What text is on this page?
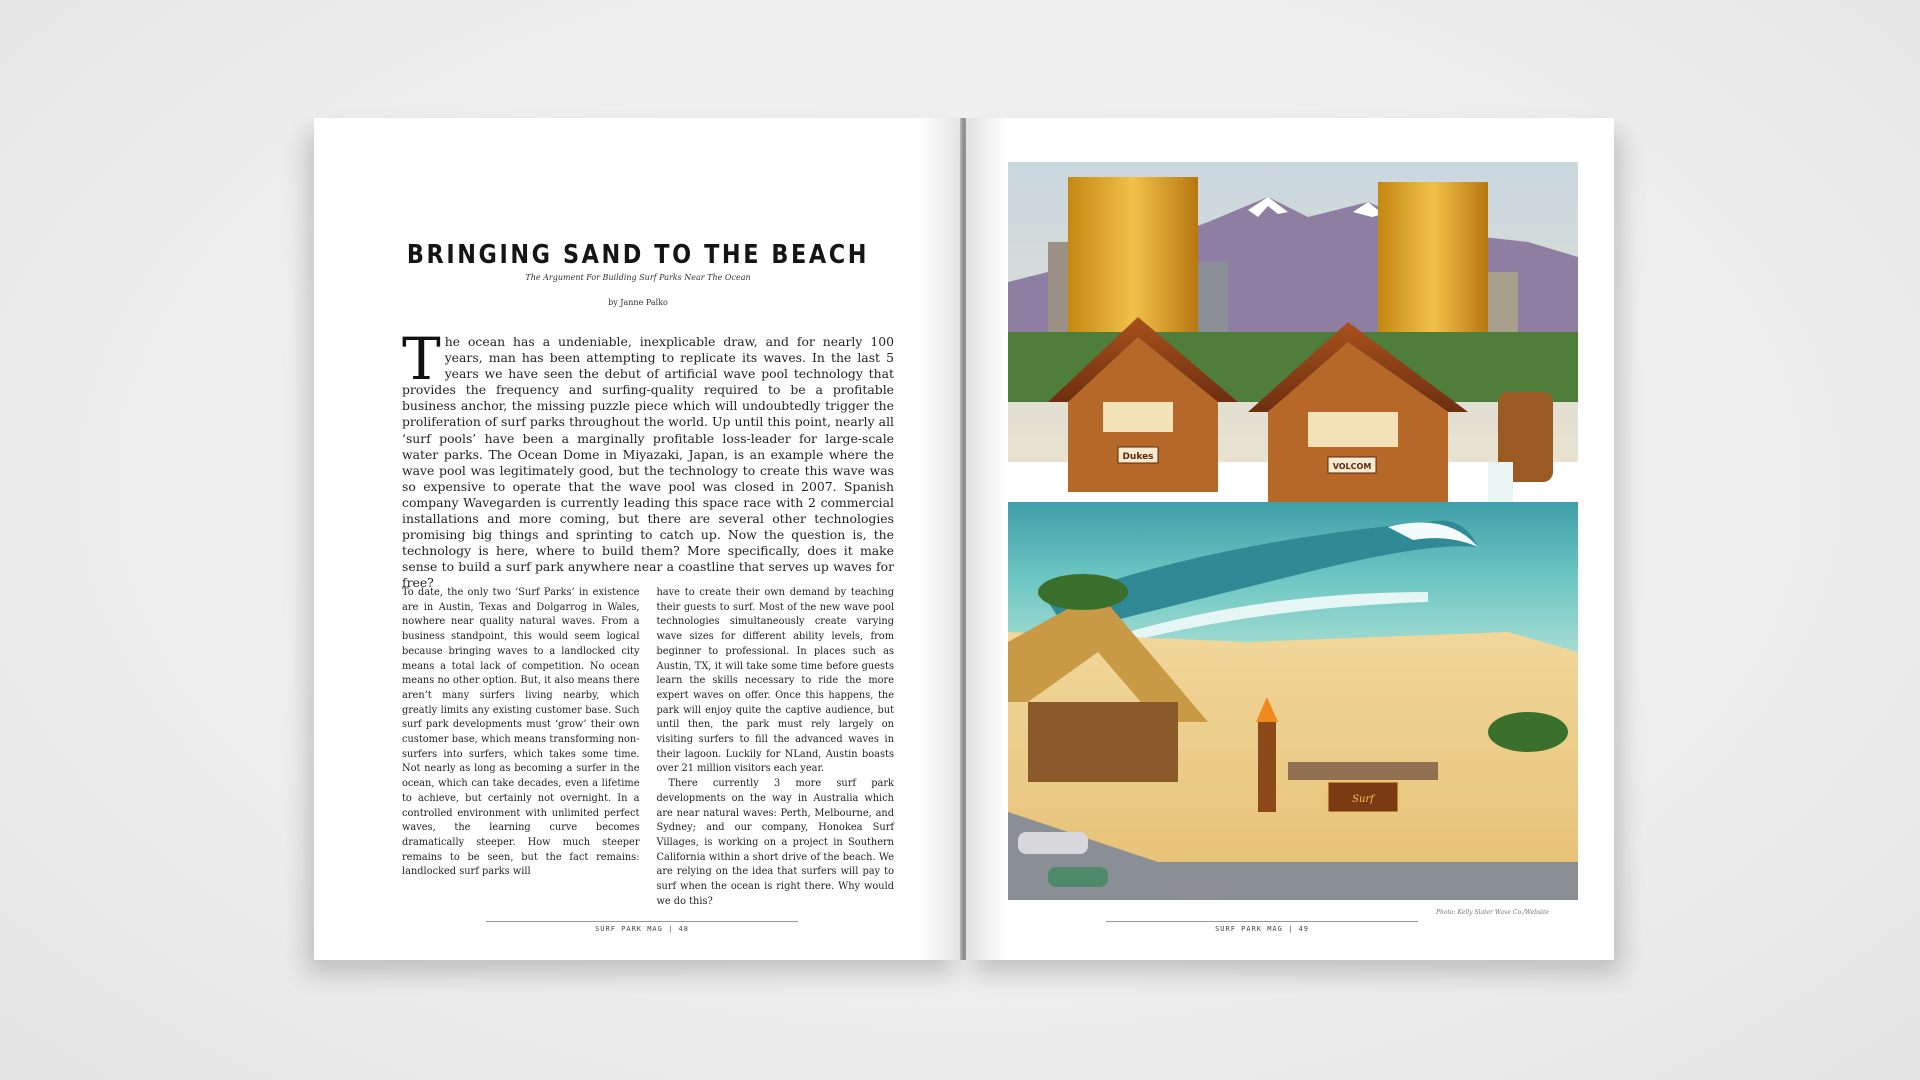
BRINGING SAND TO THE BEACH
The Argument For Building Surf Parks Near The Ocean
by Janne Palko
The ocean has a undeniable, inexplicable draw, and for nearly 100 years, man has been attempting to replicate its waves. In the last 5 years we have seen the debut of artificial wave pool technology that provides the frequency and surfing-quality required to be a profitable business anchor, the missing puzzle piece which will undoubtedly trigger the proliferation of surf parks throughout the world. Up until this point, nearly all ‘surf pools’ have been a marginally profitable loss-leader for large-scale water parks. The Ocean Dome in Miyazaki, Japan, is an example where the wave pool was legitimately good, but the technology to create this wave was so expensive to operate that the wave pool was closed in 2007. Spanish company Wavegarden is currently leading this space race with 2 commercial installations and more coming, but there are several other technologies promising big things and sprinting to catch up. Now the question is, the technology is here, where to build them? More specifically, does it make sense to build a surf park anywhere near a coastline that serves up waves for free?

To date, the only two ‘Surf Parks’ in existence are in Austin, Texas and Dolgarrog in Wales, nowhere near quality natural waves. From a business standpoint, this would seem logical because bringing waves to a landlocked city means a total lack of competition. No ocean means no other option. But, it also means there aren’t many surfers living nearby, which greatly limits any existing customer base. Such surf park developments must ‘grow’ their own customer base, which means transforming non-surfers into surfers, which takes some time. Not nearly as long as becoming a surfer in the ocean, which can take decades, even a lifetime to achieve, but certainly not overnight. In a controlled environment with unlimited perfect waves, the learning curve becomes dramatically steeper. How much steeper remains to be seen, but the fact remains: landlocked surf parks will

have to create their own demand by teaching their guests to surf. Most of the new wave pool technologies simultaneously create varying wave sizes for different ability levels, from beginner to professional. In places such as Austin, TX, it will take some time before guests learn the skills necessary to ride the more expert waves on offer. Once this happens, the park will enjoy quite the captive audience, but until then, the park must rely largely on visiting surfers to fill the advanced waves in their lagoon. Luckily for NLand, Austin boasts over 21 million visitors each year.

There currently 3 more surf park developments on the way in Australia which are near natural waves: Perth, Melbourne, and Sydney; and our company, Honokea Surf Villages, is working on a project in Southern California within a short drive of the beach. We are relying on the idea that surfers will pay to surf when the ocean is right there. Why would we do this?

SURF PARK MAG | 48
Dukes
VOLCOM
Surf
Photo: Kelly Slater Wave Co./Website
SURF PARK MAG | 49
